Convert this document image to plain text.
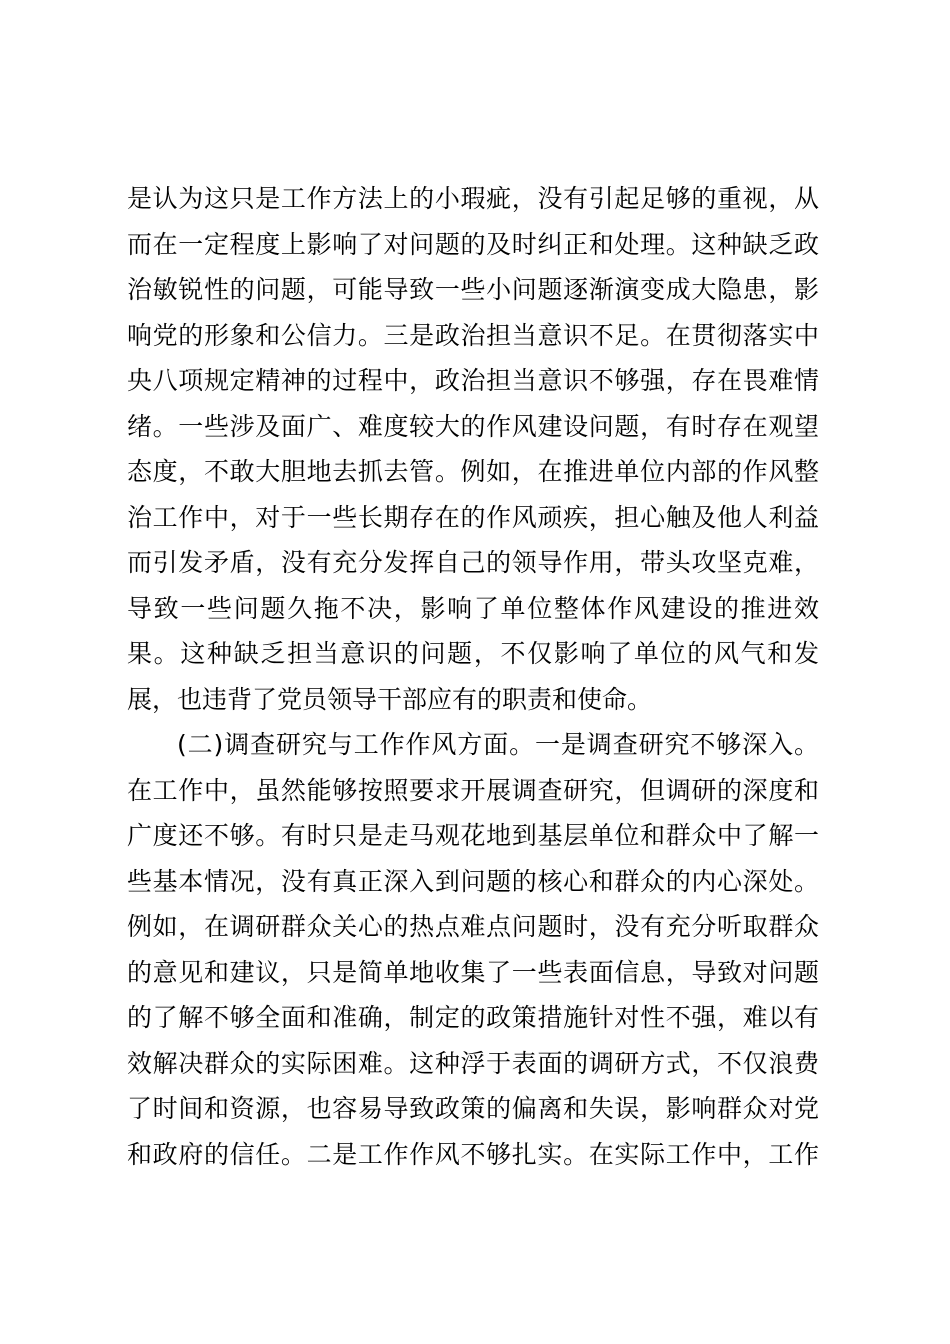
是认为这只是工作方法上的小瑕疵，没有引起足够的重视，从
而在一定程度上影响了对问题的及时纠正和处理。这种缺乏政
治敏锐性的问题，可能导致一些小问题逐渐演变成大隐患，影
响党的形象和公信力。三是政治担当意识不足。在贯彻落实中
央八项规定精神的过程中，政治担当意识不够强，存在畏难情
绪。一些涉及面广、难度较大的作风建设问题，有时存在观望
态度，不敢大胆地去抓去管。例如，在推进单位内部的作风整
治工作中，对于一些长期存在的作风顽疾，担心触及他人利益
而引发矛盾，没有充分发挥自己的领导作用，带头攻坚克难，
导致一些问题久拖不决，影响了单位整体作风建设的推进效
果。这种缺乏担当意识的问题，不仅影响了单位的风气和发
展，也违背了党员领导干部应有的职责和使命。
(二)调查研究与工作作风方面。一是调查研究不够深入。
在工作中，虽然能够按照要求开展调查研究，但调研的深度和
广度还不够。有时只是走马观花地到基层单位和群众中了解一
些基本情况，没有真正深入到问题的核心和群众的内心深处。
例如，在调研群众关心的热点难点问题时，没有充分听取群众
的意见和建议，只是简单地收集了一些表面信息，导致对问题
的了解不够全面和准确，制定的政策措施针对性不强，难以有
效解决群众的实际困难。这种浮于表面的调研方式，不仅浪费
了时间和资源，也容易导致政策的偏离和失误，影响群众对党
和政府的信任。二是工作作风不够扎实。在实际工作中，工作
